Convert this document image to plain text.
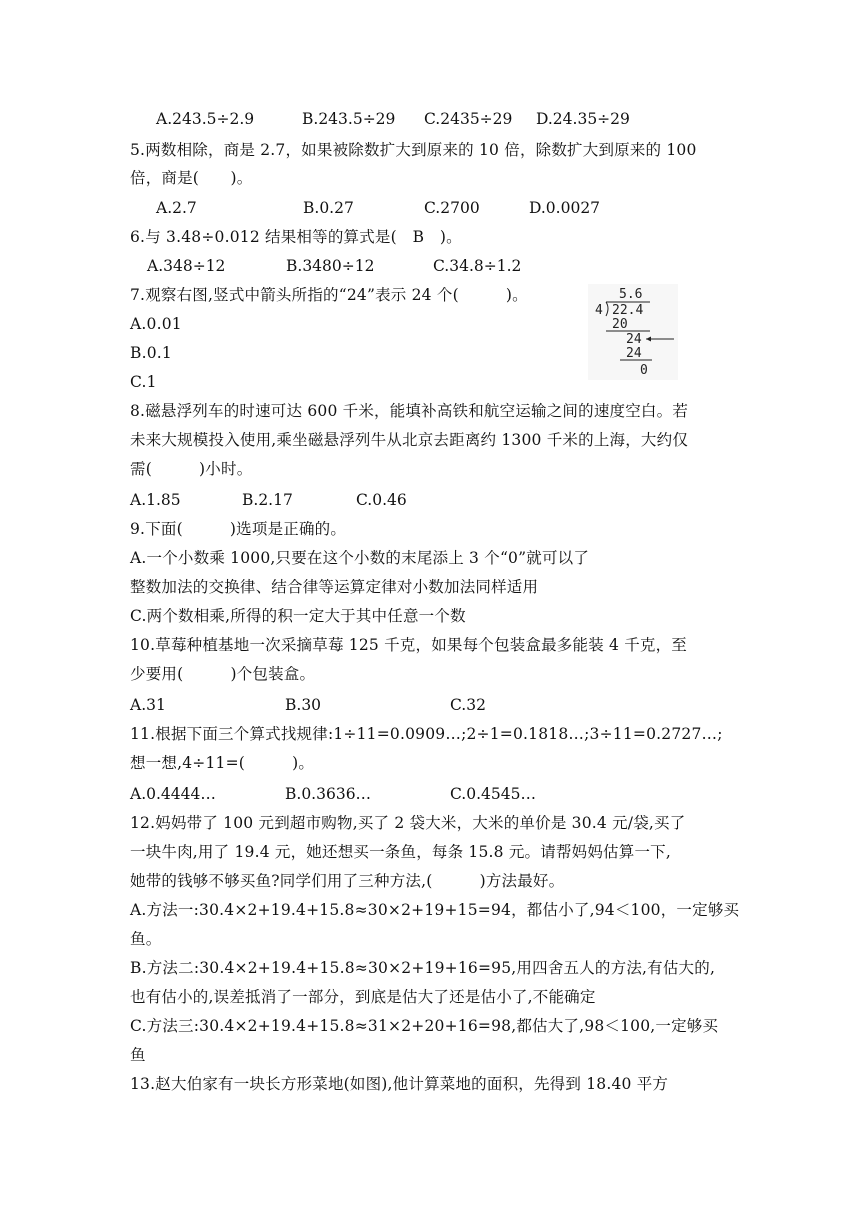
A.243.5÷2.9	B.243.5÷29 C.2435÷29 D.24.35÷29
5.两数相除，商是 2.7，如果被除数扩大到原来的 10 倍，除数扩大到原来的 100
倍，商是(　　)。
A.2.7	B.0.27	C.2700	D.0.0027
6.与 3.48÷0.012 结果相等的算式是(　B　)。
A.348÷12	B.3480÷12	C.34.8÷1.2
7.观察右图,竖式中箭头所指的“24”表示 24 个(　　　)。
A.0.01
B.0.1
C.1
5.6
4 22.4
20
24
24
0
8.磁悬浮列车的时速可达 600 千米，能填补高铁和航空运输之间的速度空白。若
未来大规模投入使用,乘坐磁悬浮列牛从北京去距离约 1300 千米的上海，大约仅
需(　　　)小时。
A.1.85	B.2.17	C.0.46
9.下面(　　　)选项是正确的。
A.一个小数乘 1000,只要在这个小数的末尾添上 3 个“0”就可以了
整数加法的交换律、结合律等运算定律对小数加法同样适用
C.两个数相乘,所得的积一定大于其中任意一个数
10.草莓种植基地一次采摘草莓 125 千克，如果每个包装盒最多能装 4 千克，至
少要用(　　　)个包装盒。
A.31	B.30	C.32
11.根据下面三个算式找规律:1÷11=0.0909…;2÷1=0.1818…;3÷11=0.2727…;
想一想,4÷11=(　　　)。
A.0.4444…	B.0.3636…	C.0.4545…
12.妈妈带了 100 元到超市购物,买了 2 袋大米，大米的单价是 30.4 元/袋,买了
一块牛肉,用了 19.4 元，她还想买一条鱼，每条 15.8 元。请帮妈妈估算一下,
她带的钱够不够买鱼?同学们用了三种方法,(　　　)方法最好。
A.方法一:30.4×2+19.4+15.8≈30×2+19+15=94，都估小了,94＜100，一定够买
鱼。
B.方法二:30.4×2+19.4+15.8≈30×2+19+16=95,用四舍五人的方法,有估大的,
也有估小的,误差抵消了一部分，到底是估大了还是估小了,不能确定
C.方法三:30.4×2+19.4+15.8≈31×2+20+16=98,都估大了,98＜100,一定够买
鱼
13.赵大伯家有一块长方形菜地(如图),他计算菜地的面积，先得到 18.40 平方
